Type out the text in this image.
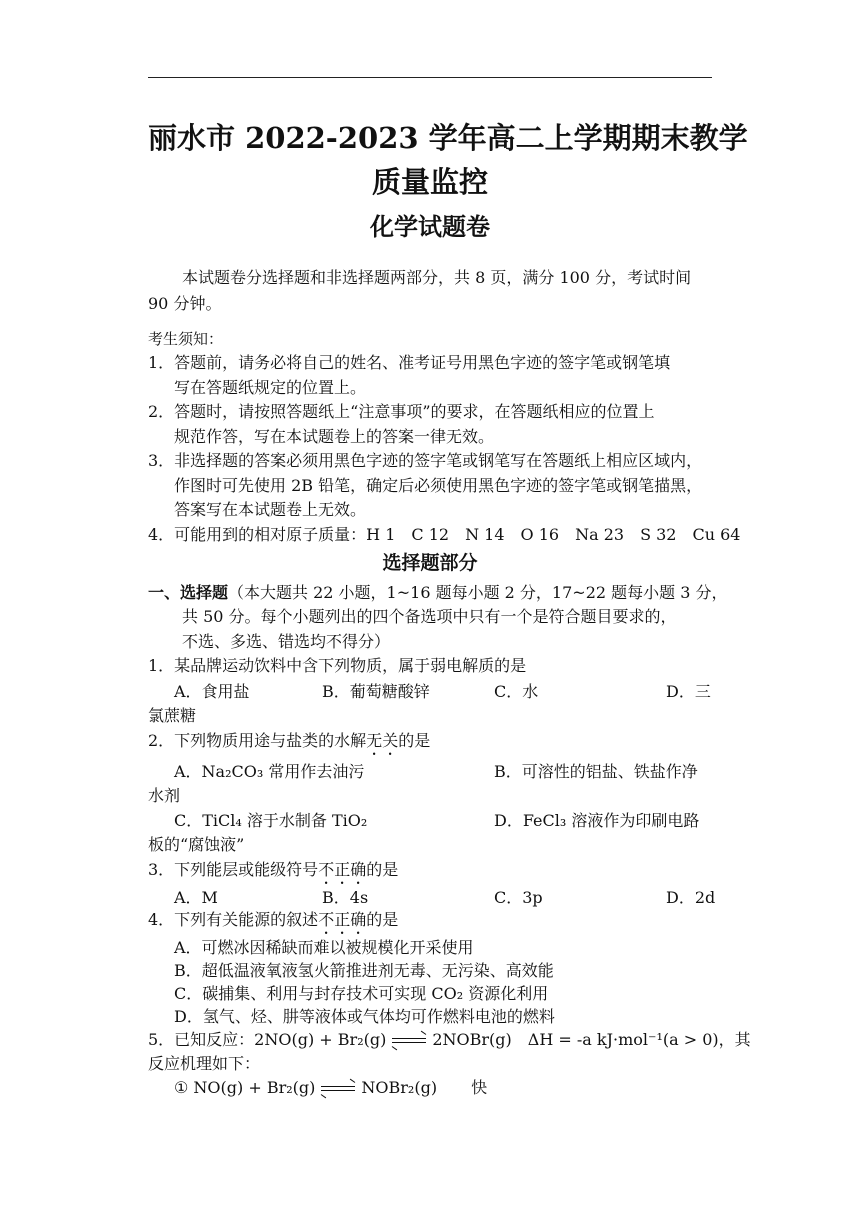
丽水市 2022-2023 学年高二上学期期末教学
质量监控
化学试题卷
本试题卷分选择题和非选择题两部分，共 8 页，满分 100 分，考试时间
90 分钟。
考生须知：
1．答题前，请务必将自己的姓名、准考证号用黑色字迹的签字笔或钢笔填
写在答题纸规定的位置上。
2．答题时，请按照答题纸上“注意事项”的要求，在答题纸相应的位置上
规范作答，写在本试题卷上的答案一律无效。
3．非选择题的答案必须用黑色字迹的签字笔或钢笔写在答题纸上相应区域内，
作图时可先使用 2B 铅笔，确定后必须使用黑色字迹的签字笔或钢笔描黑，
答案写在本试题卷上无效。
4．可能用到的相对原子质量：H 1　C 12　N 14　O 16　Na 23　S 32　Cu 64
选择题部分
一、选择题（本大题共 22 小题，1~16 题每小题 2 分，17~22 题每小题 3 分，
共 50 分。每个小题列出的四个备选项中只有一个是符合题目要求的，
不选、多选、错选均不得分）
1．某品牌运动饮料中含下列物质，属于弱电解质的是
A．食用盐	B．葡萄糖酸锌	C．水	D．三
氯蔗糖
2．下列物质用途与盐类的水解无关的是
A．Na₂CO₃ 常用作去油污	B．可溶性的铝盐、铁盐作净
水剂
C．TiCl₄ 溶于水制备 TiO₂	D．FeCl₃ 溶液作为印刷电路
板的“腐蚀液”
3．下列能层或能级符号不正确的是
A．M	B．4s	C．3p	D．2d
4．下列有关能源的叙述不正确的是
A．可燃冰因稀缺而难以被规模化开采使用
B．超低温液氧液氢火箭推进剂无毒、无污染、高效能
C．碳捕集、利用与封存技术可实现 CO₂ 资源化利用
D．氢气、烃、肼等液体或气体均可作燃料电池的燃料
5．已知反应：2NO(g) + Br₂(g)	2NOBr(g)　ΔH = -a kJ·mol⁻¹(a > 0)，其
反应机理如下：
① NO(g) + Br₂(g)	NOBr₂(g) 快
